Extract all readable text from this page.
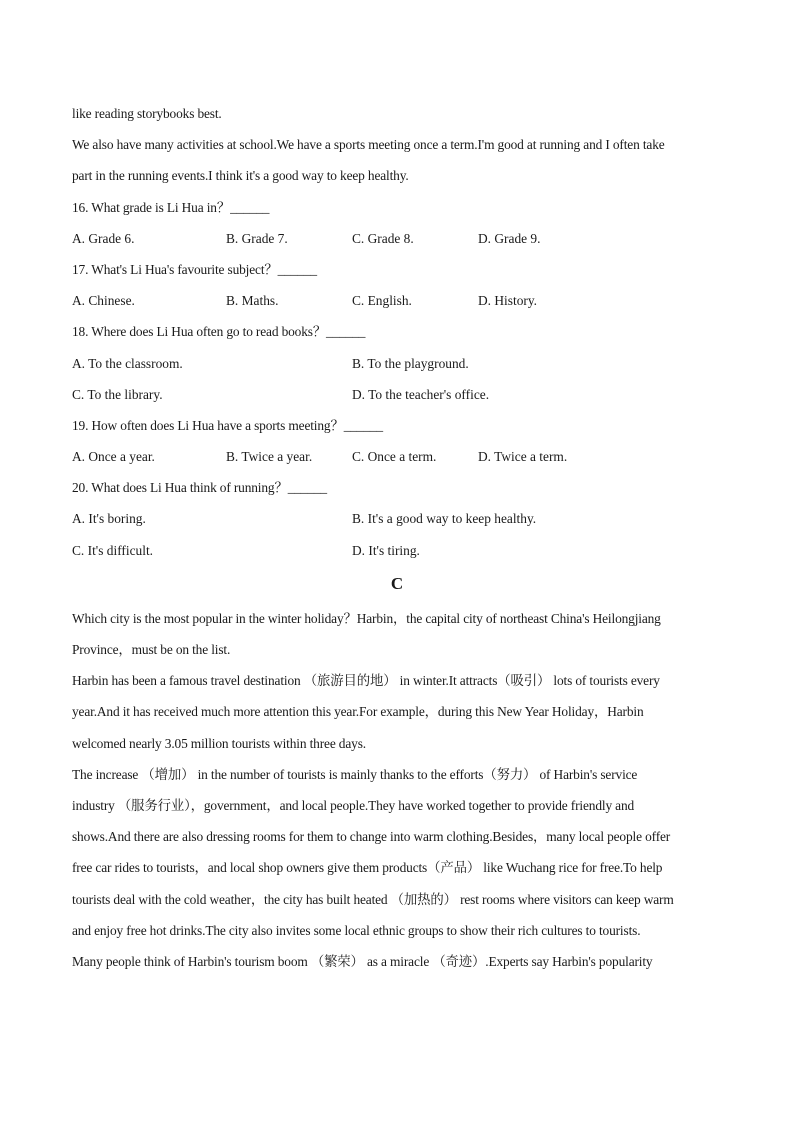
like reading storybooks best.
We also have many activities at school.We have a sports meeting once a term.I'm good at running and I often take
part in the running events.I think it's a good way to keep healthy.
16. What grade is Li Hua in？______
A. Grade 6.	B. Grade 7.	C. Grade 8.	D. Grade 9.
17. What's Li Hua's favourite subject？______
A. Chinese.	B. Maths.	C. English.	D. History.
18. Where does Li Hua often go to read books？______
A. To the classroom.	B. To the playground.
C. To the library.	D. To the teacher's office.
19. How often does Li Hua have a sports meeting？______
A. Once a year.	B. Twice a year.	C. Once a term.	D. Twice a term.
20. What does Li Hua think of running？______
A. It's boring.	B. It's a good way to keep healthy.
C. It's difficult.	D. It's tiring.
C
Which city is the most popular in the winter holiday？Harbin，the capital city of northeast China's Heilongjiang
Province，must be on the list.
Harbin has been a famous travel destination （旅游目的地） in winter.It attracts（吸引） lots of tourists every
year.And it has received much more attention this year.For example，during this New Year Holiday，Harbin
welcomed nearly 3.05 million tourists within three days.
The increase （增加） in the number of tourists is mainly thanks to the efforts（努力） of Harbin's service
industry （服务行业），government，and local people.They have worked together to provide friendly and
shows.And there are also dressing rooms for them to change into warm clothing.Besides，many local people offer
free car rides to tourists，and local shop owners give them products（产品） like Wuchang rice for free.To help
tourists deal with the cold weather，the city has built heated （加热的） rest rooms where visitors can keep warm
and enjoy free hot drinks.The city also invites some local ethnic groups to show their rich cultures to tourists.
Many people think of Harbin's tourism boom （繁荣） as a miracle （奇迹）.Experts say Harbin's popularity
